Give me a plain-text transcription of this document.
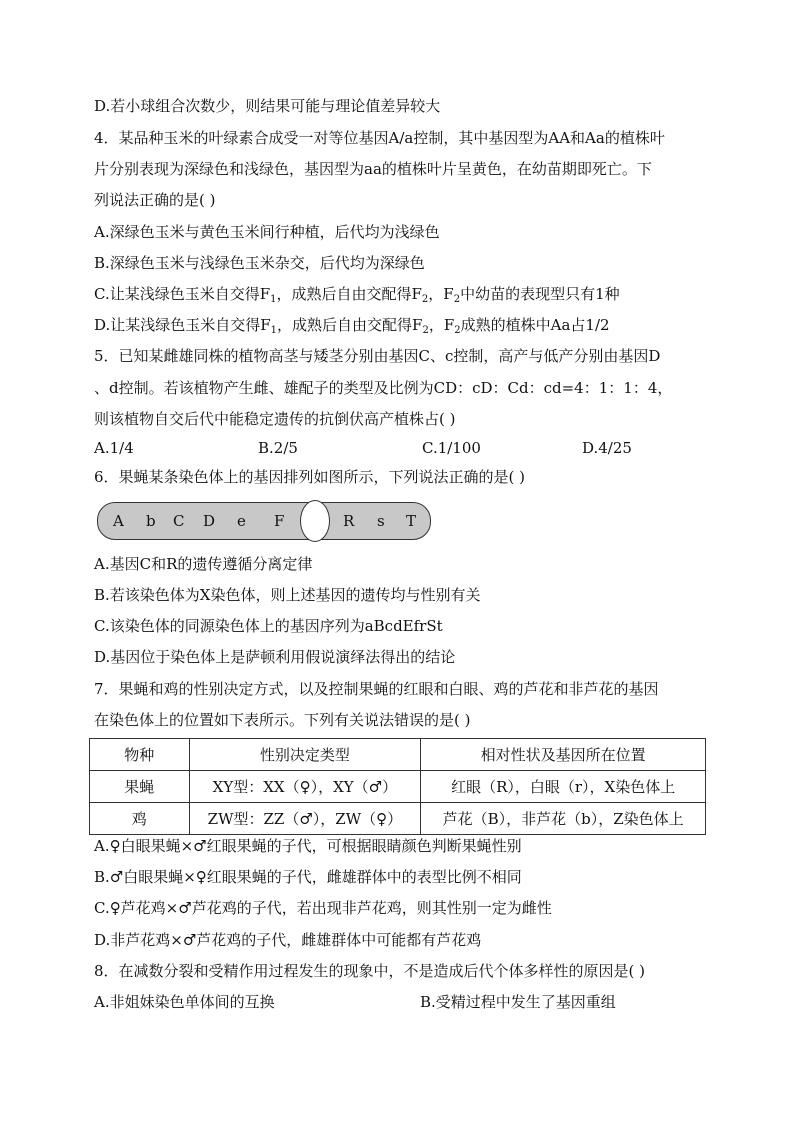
D.若小球组合次数少，则结果可能与理论值差异较大
4．某品种玉米的叶绿素合成受一对等位基因A/a控制，其中基因型为AA和Aa的植株叶
片分别表现为深绿色和浅绿色，基因型为aa的植株叶片呈黄色，在幼苗期即死亡。下
列说法正确的是( )
A.深绿色玉米与黄色玉米间行种植，后代均为浅绿色
B.深绿色玉米与浅绿色玉米杂交，后代均为深绿色
C.让某浅绿色玉米自交得$F_1$，成熟后自由交配得$F_2$，$F_2$中幼苗的表现型只有1种
D.让某浅绿色玉米自交得$F_1$，成熟后自由交配得$F_2$，$F_2$成熟的植株中Aa占1/2
5．已知某雌雄同株的植物高茎与矮茎分别由基因C、c控制，高产与低产分别由基因D
、d控制。若该植物产生雌、雄配子的类型及比例为CD：cD：Cd：cd=4：1：1：4，
则该植物自交后代中能稳定遗传的抗倒伏高产植株占( )
A.1/4	B.2/5	C.1/100	D.4/25
6．果蝇某条染色体上的基因排列如图所示，下列说法正确的是( )
A b C D e F	R s T
A.基因C和R的遗传遵循分离定律
B.若该染色体为X染色体，则上述基因的遗传均与性别有关
C.该染色体的同源染色体上的基因序列为aBcdEfrSt
D.基因位于染色体上是萨顿利用假说演绎法得出的结论
7．果蝇和鸡的性别决定方式，以及控制果蝇的红眼和白眼、鸡的芦花和非芦花的基因
在染色体上的位置如下表所示。下列有关说法错误的是( )
物种	性别决定类型	相对性状及基因所在位置
果蝇	XY型：XX（♀），XY（♂）	红眼（R），白眼（r），X染色体上
鸡	ZW型：ZZ（♂），ZW（♀）	芦花（B），非芦花（b），Z染色体上
A.♀白眼果蝇×♂红眼果蝇的子代，可根据眼睛颜色判断果蝇性别
B.♂白眼果蝇×♀红眼果蝇的子代，雌雄群体中的表型比例不相同
C.♀芦花鸡×♂芦花鸡的子代，若出现非芦花鸡，则其性别一定为雌性
D.非芦花鸡×♂芦花鸡的子代，雌雄群体中可能都有芦花鸡
8．在减数分裂和受精作用过程发生的现象中，不是造成后代个体多样性的原因是( )
A.非姐妹染色单体间的互换	B.受精过程中发生了基因重组
